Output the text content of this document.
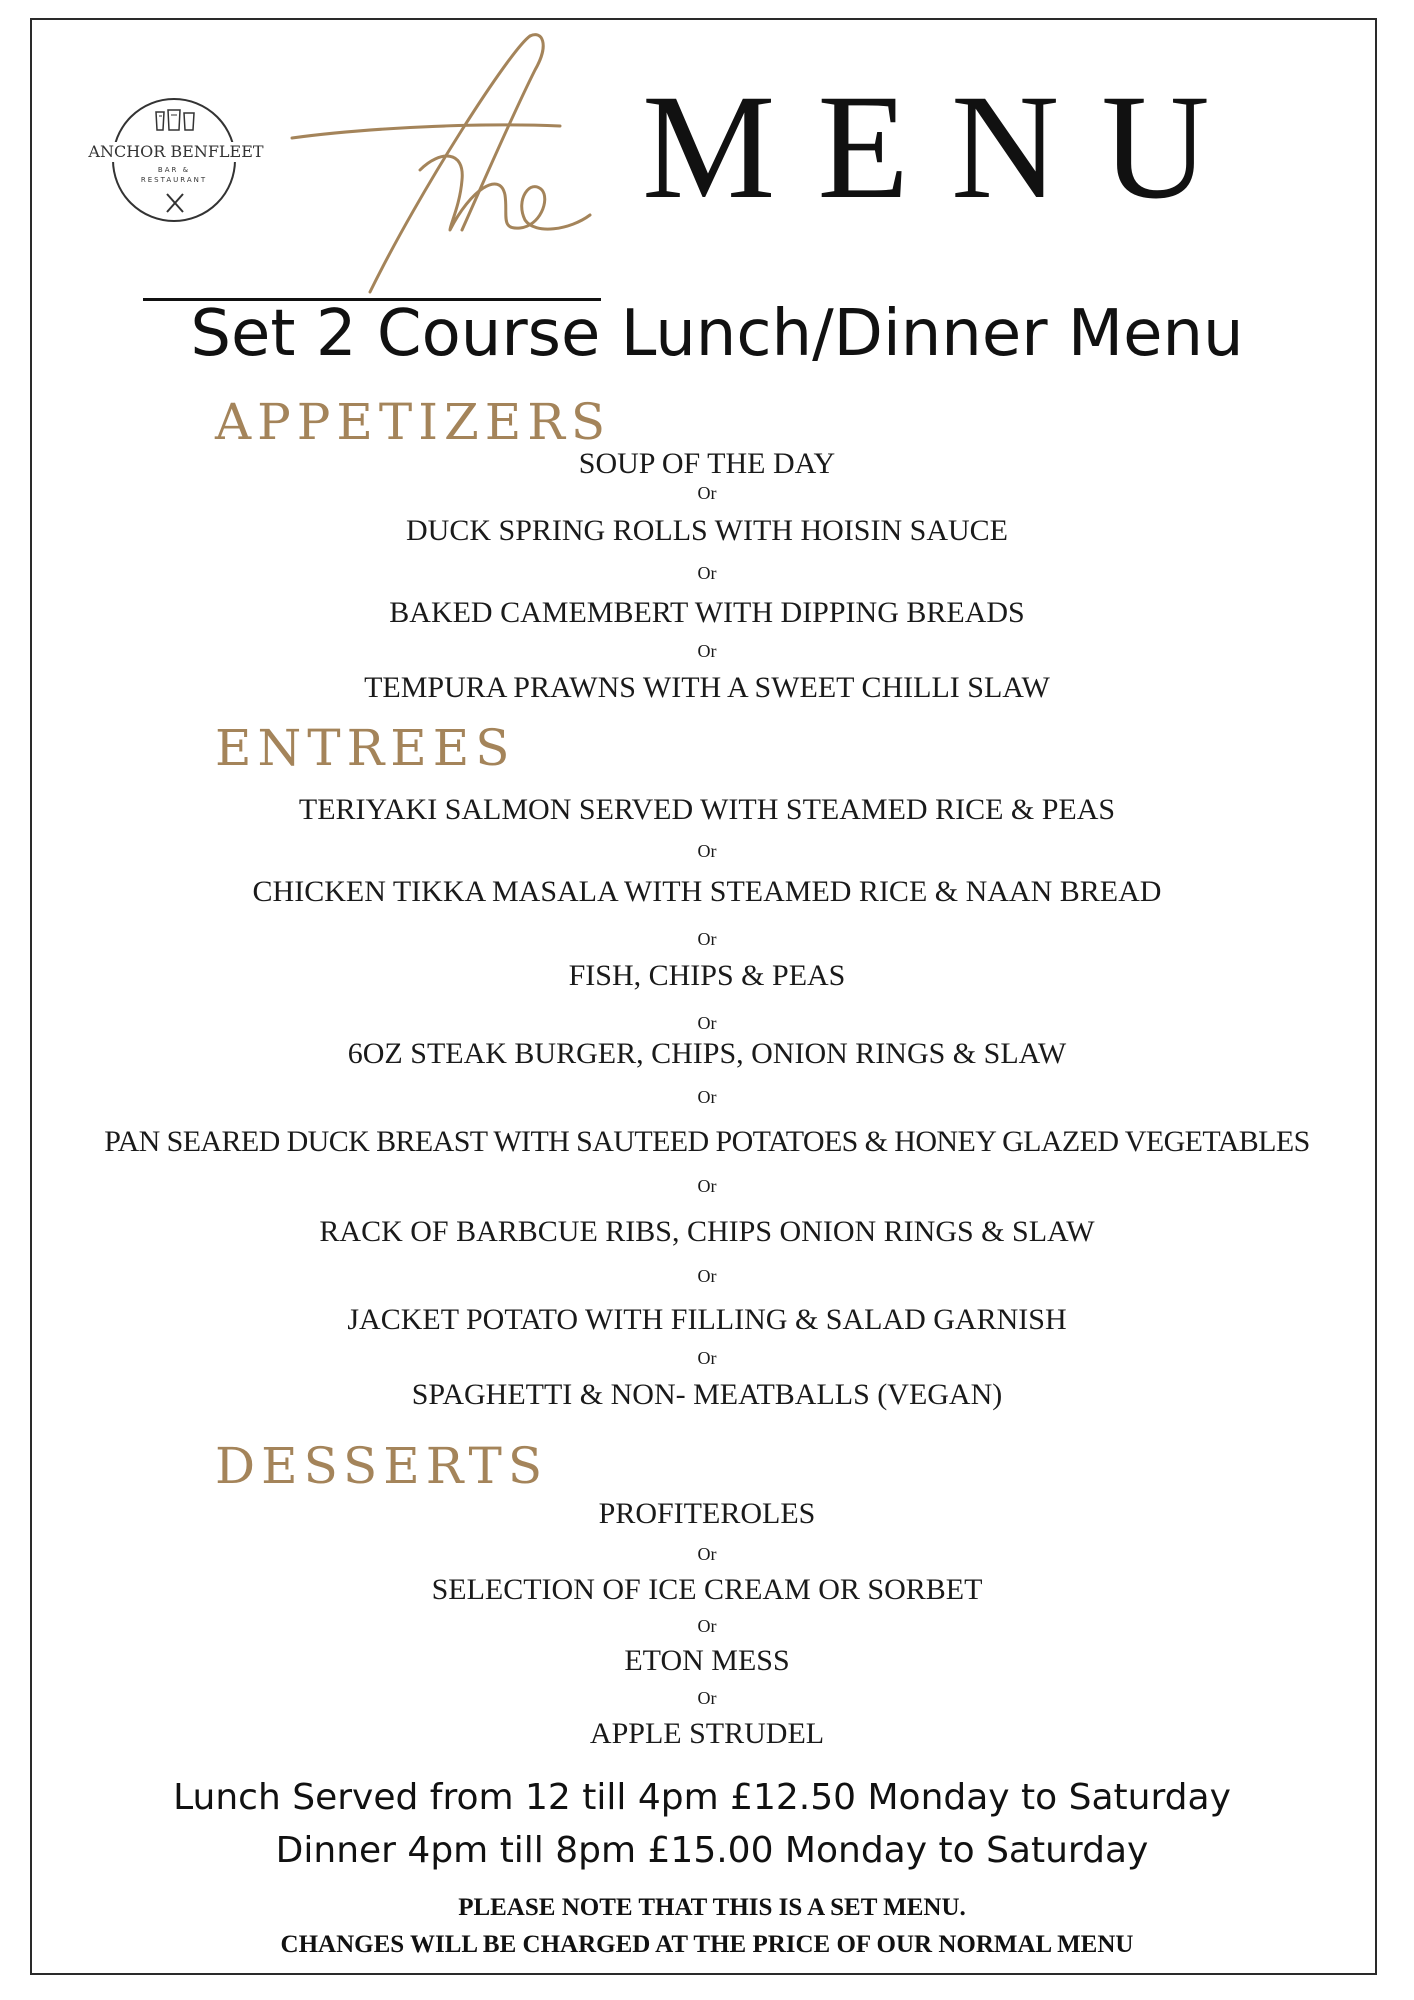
ANCHOR BENFLEET
BAR &
RESTAURANT	MENU
Set 2 Course Lunch/Dinner Menu
APPETIZERS
SOUP OF THE DAY
Or
DUCK SPRING ROLLS WITH HOISIN SAUCE
Or
BAKED CAMEMBERT WITH DIPPING BREADS
Or
TEMPURA PRAWNS WITH A SWEET CHILLI SLAW
ENTREES
TERIYAKI SALMON SERVED WITH STEAMED RICE & PEAS
Or
CHICKEN TIKKA MASALA WITH STEAMED RICE & NAAN BREAD
Or
FISH, CHIPS & PEAS
Or
6OZ STEAK BURGER, CHIPS, ONION RINGS & SLAW
Or
PAN SEARED DUCK BREAST WITH SAUTEED POTATOES & HONEY GLAZED VEGETABLES
Or
RACK OF BARBCUE RIBS, CHIPS ONION RINGS & SLAW
Or
JACKET POTATO WITH FILLING & SALAD GARNISH
Or
SPAGHETTI & NON- MEATBALLS (VEGAN)
DESSERTS
PROFITEROLES
Or
SELECTION OF ICE CREAM OR SORBET
Or
ETON MESS
Or
APPLE STRUDEL
Lunch Served from 12 till 4pm £12.50 Monday to Saturday
Dinner 4pm till 8pm £15.00 Monday to Saturday
PLEASE NOTE THAT THIS IS A SET MENU.
CHANGES WILL BE CHARGED AT THE PRICE OF OUR NORMAL MENU
